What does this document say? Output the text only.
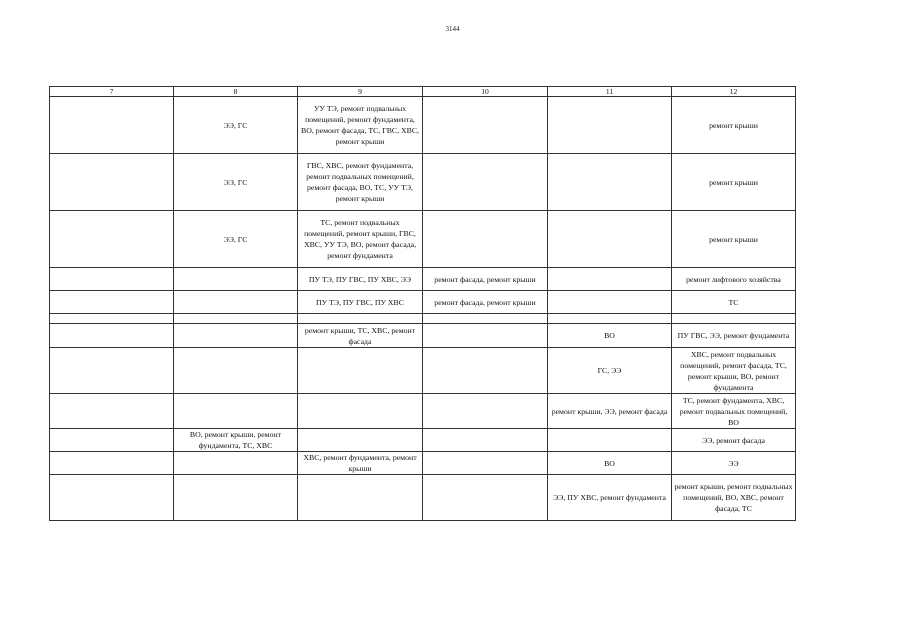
3144
7	8	9	10	11	12
	ЭЭ, ГС	УУ ТЭ, ремонт подвальных помещений, ремонт фундамента, ВО, ремонт фасада, ТС, ГВС, ХВС, ремонт крыши			ремонт крыши
	ЭЭ, ГС	ГВС, ХВС, ремонт фундамента, ремонт подвальных помещений, ремонт фасада, ВО, ТС, УУ ТЭ, ремонт крыши			ремонт крыши
	ЭЭ, ГС	ТС, ремонт подвальных помещений, ремонт крыши, ГВС, ХВС, УУ ТЭ, ВО, ремонт фасада, ремонт фундамента			ремонт крыши
		ПУ ТЭ, ПУ ГВС, ПУ ХВС, ЭЭ	ремонт фасада, ремонт крыши		ремонт лифтового хозяйства
		ПУ ТЭ, ПУ ГВС, ПУ ХВС	ремонт фасада, ремонт крыши		ТС

		ремонт крыши, ТС, ХВС, ремонт фасада		ВО	ПУ ГВС, ЭЭ, ремонт фундамента
				ГС, ЭЭ	ХВС, ремонт подвальных помещений, ремонт фасада, ТС, ремонт крыши, ВО, ремонт фундамента
				ремонт крыши, ЭЭ, ремонт фасада	ТС, ремонт фундамента, ХВС, ремонт подвальных помещений, ВО
	ВО, ремонт крыши, ремонт фундамента, ТС, ХВС				ЭЭ, ремонт фасада
		ХВС, ремонт фундамента, ремонт крыши		ВО	ЭЭ
				ЭЭ, ПУ ХВС, ремонт фундамента	ремонт крыши, ремонт подвальных помещений, ВО, ХВС, ремонт фасада, ТС
